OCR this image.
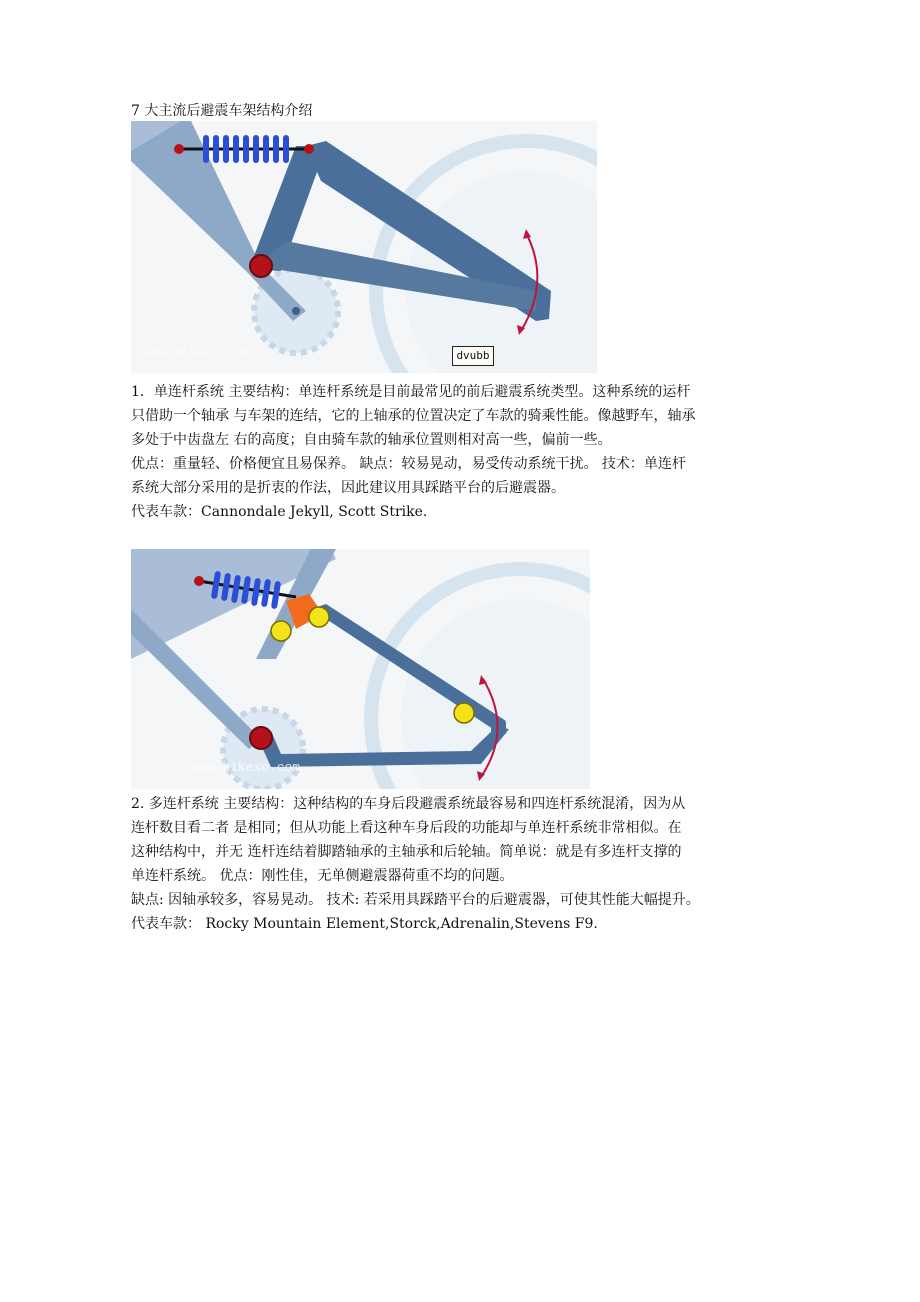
7 大主流后避震车架结构介绍
www.bikexo.com	dvubb
1．单连杆系统 主要结构：单连杆系统是目前最常见的前后避震系统类型。这种系统的运杆
只借助一个轴承 与车架的连结，它的上轴承的位置决定了车款的骑乘性能。像越野车，轴承
多处于中齿盘左 右的高度；自由骑车款的轴承位置则相对高一些，偏前一些。
优点：重量轻、价格便宜且易保养。 缺点：较易晃动，易受传动系统干扰。 技术：单连杆
系统大部分采用的是折衷的作法，因此建议用具踩踏平台的后避震器。
代表车款：Cannondale Jekyll, Scott Strike.
www.bikexo.com
2. 多连杆系统 主要结构：这种结构的车身后段避震系统最容易和四连杆系统混淆，因为从
连杆数目看二者 是相同；但从功能上看这种车身后段的功能却与单连杆系统非常相似。在
这种结构中，并无 连杆连结着脚踏轴承的主轴承和后轮轴。简单说：就是有多连杆支撑的
单连杆系统。 优点：刚性佳，无单侧避震器荷重不均的问题。
缺点: 因轴承较多，容易晃动。 技术: 若采用具踩踏平台的后避震器，可使其性能大幅提升。
代表车款： Rocky Mountain Element,Storck,Adrenalin,Stevens F9.
